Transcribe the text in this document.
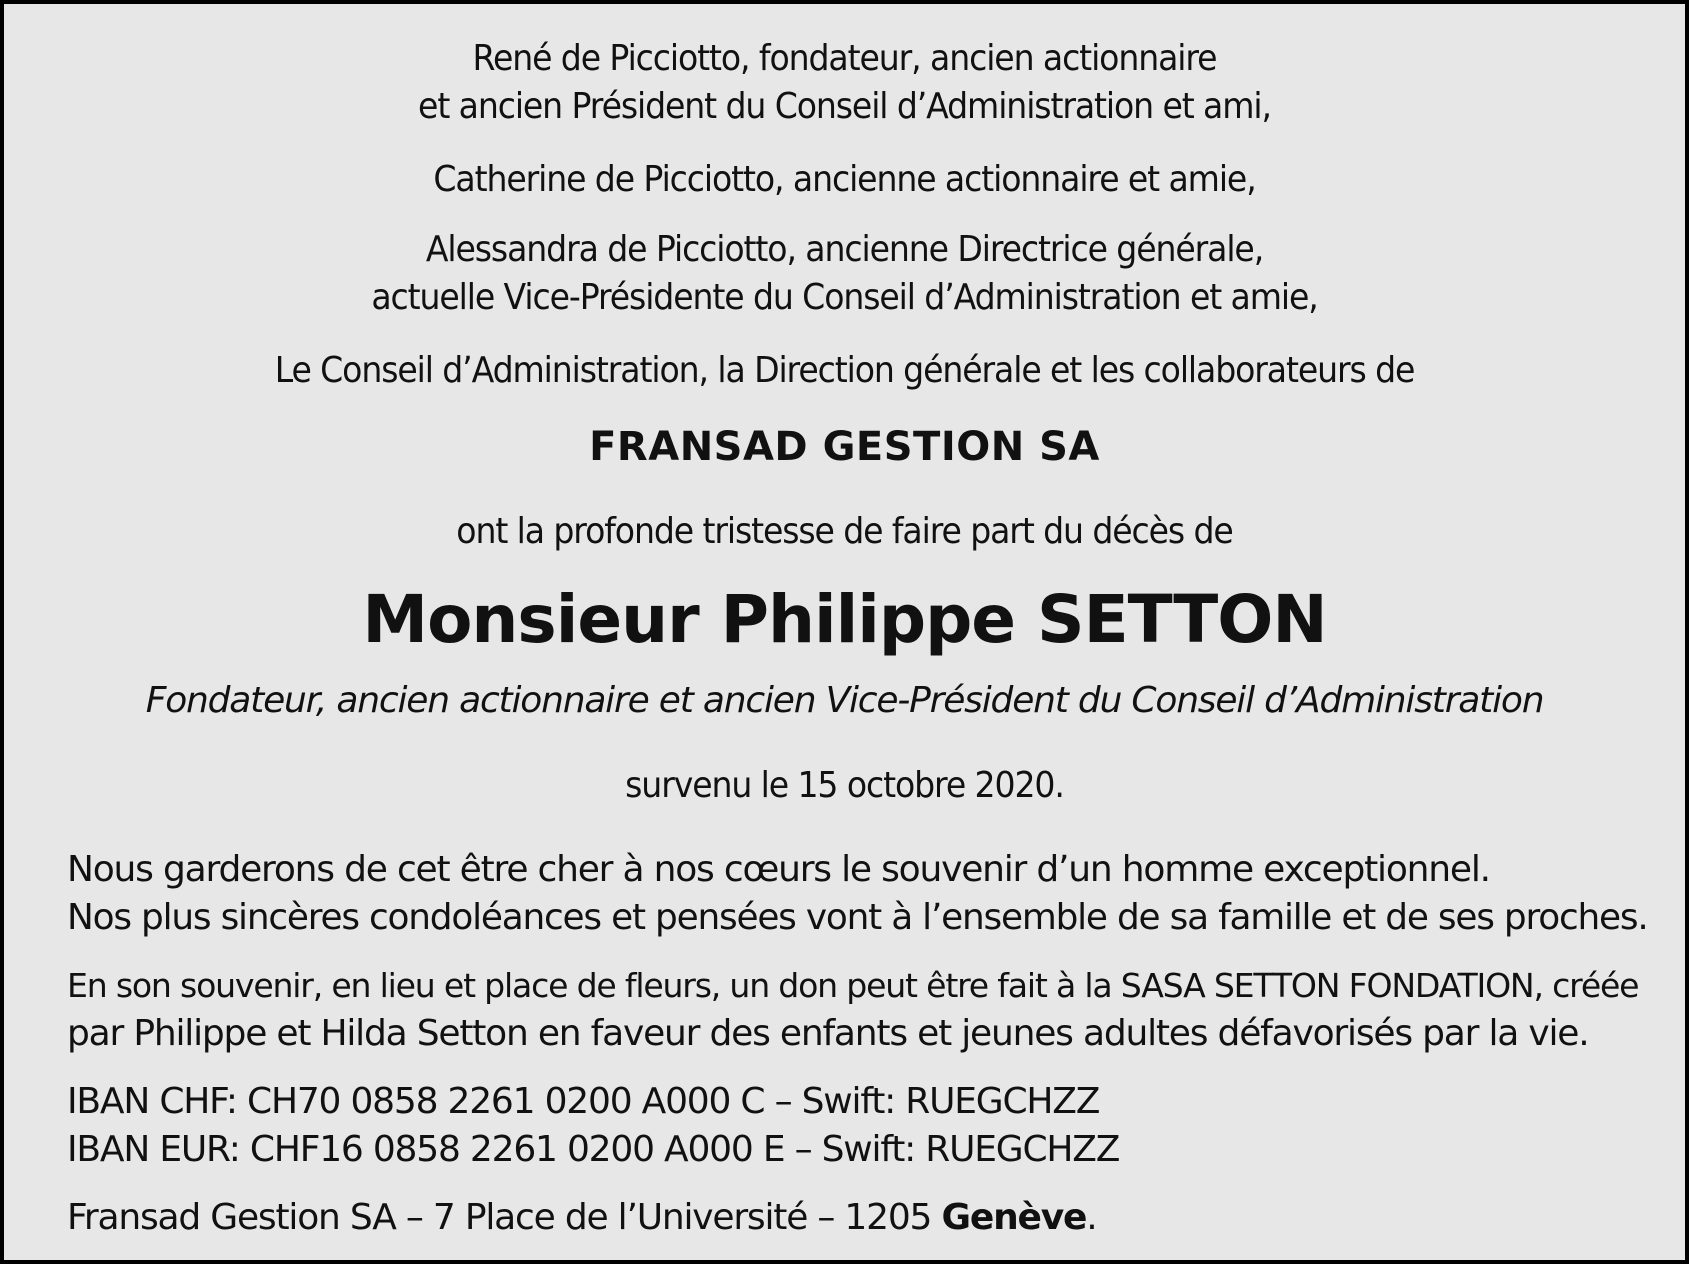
René de Picciotto, fondateur, ancien actionnaire
et ancien Président du Conseil d’Administration et ami,
Catherine de Picciotto, ancienne actionnaire et amie,
Alessandra de Picciotto, ancienne Directrice générale,
actuelle Vice-Présidente du Conseil d’Administration et amie,
Le Conseil d’Administration, la Direction générale et les collaborateurs de
FRANSAD GESTION SA
ont la profonde tristesse de faire part du décès de
Monsieur Philippe SETTON
Fondateur, ancien actionnaire et ancien Vice-Président du Conseil d’Administration
survenu le 15 octobre 2020.
Nous garderons de cet être cher à nos cœurs le souvenir d’un homme exceptionnel.
Nos plus sincères condoléances et pensées vont à l’ensemble de sa famille et de ses proches.
En son souvenir, en lieu et place de fleurs, un don peut être fait à la SASA SETTON FONDATION, créée
par Philippe et Hilda Setton en faveur des enfants et jeunes adultes défavorisés par la vie.
IBAN CHF: CH70 0858 2261 0200 A000 C – Swift: RUEGCHZZ
IBAN EUR: CHF16 0858 2261 0200 A000 E – Swift: RUEGCHZZ
Fransad Gestion SA – 7 Place de l’Université – 1205 Genève.
